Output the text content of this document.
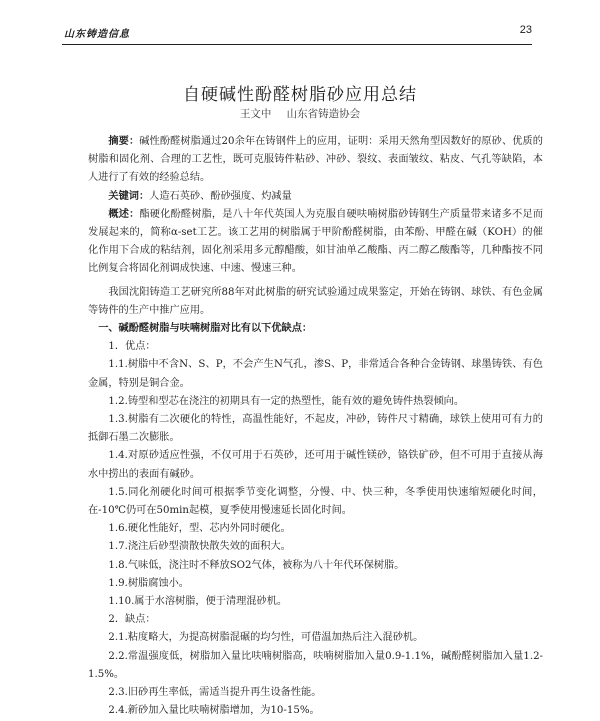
山东铸造信息	23
自硬碱性酚醛树脂砂应用总结
王文中 山东省铸造协会

摘要：碱性酚醛树脂通过20余年在铸钢件上的应用，证明：采用天然角型因数好的原砂、优质的树脂和固化剂、合理的工艺性，既可克服铸件粘砂、冲砂、裂纹、表面皱纹、粘皮、气孔等缺陷，本人进行了有效的经验总结。

关键词：人造石英砂、酚砂强度、灼减量

概述：酯硬化酚醛树脂，是八十年代英国人为克服自硬呋喃树脂砂铸钢生产质量带来诸多不足而发展起来的，简称α-set工艺。该工艺用的树脂属于甲阶酚醛树脂，由苯酚、甲醛在碱（KOH）的催化作用下合成的粘结剂，固化剂采用多元醇醋酸，如甘油单乙酸酯、丙二醇乙酸酯等，几种酯按不同比例复合将固化剂调成快速、中速、慢速三种。

我国沈阳铸造工艺研究所88年对此树脂的研究试验通过成果鉴定，开始在铸钢、球铁、有色金属等铸件的生产中推广应用。

一、碱酚醛树脂与呋喃树脂对比有以下优缺点：

1．优点：

1.1.树脂中不含N、S、P，不会产生N气孔，渗S、P，非常适合各种合金铸钢、球墨铸铁、有色金属，特别是铜合金。

1.2.铸型和型芯在浇注的初期具有一定的热塑性，能有效的避免铸件热裂倾向。

1.3.树脂有二次硬化的特性，高温性能好，不起皮，冲砂，铸件尺寸精确，球铁上使用可有力的抵御石墨二次膨胀。

1.4.对原砂适应性强，不仅可用于石英砂，还可用于碱性镁砂，铬铁矿砂，但不可用于直接从海水中捞出的表面有碱砂。

1.5.同化剂硬化时间可根据季节变化调整，分慢、中、快三种，冬季使用快速缩短硬化时间，在-10℃仍可在50min起模，夏季使用慢速延长固化时间。

1.6.硬化性能好，型、芯内外同时硬化。

1.7.浇注后砂型溃散快散失效的面积大。

1.8.气味低，浇注时不释放SO2气体，被称为八十年代环保树脂。

1.9.树脂腐蚀小。

1.10.属于水溶树脂，便于清理混砂机。

2．缺点：

2.1.粘度略大，为提高树脂混碾的均匀性，可借温加热后注入混砂机。

2.2.常温强度低，树脂加入量比呋喃树脂高，呋喃树脂加入量0.9-1.1%，碱酚醛树脂加入量1.2-1.5%。

2.3.旧砂再生率低，需适当提升再生设备性能。

2.4.新砂加入量比呋喃树脂增加，为10-15%。
